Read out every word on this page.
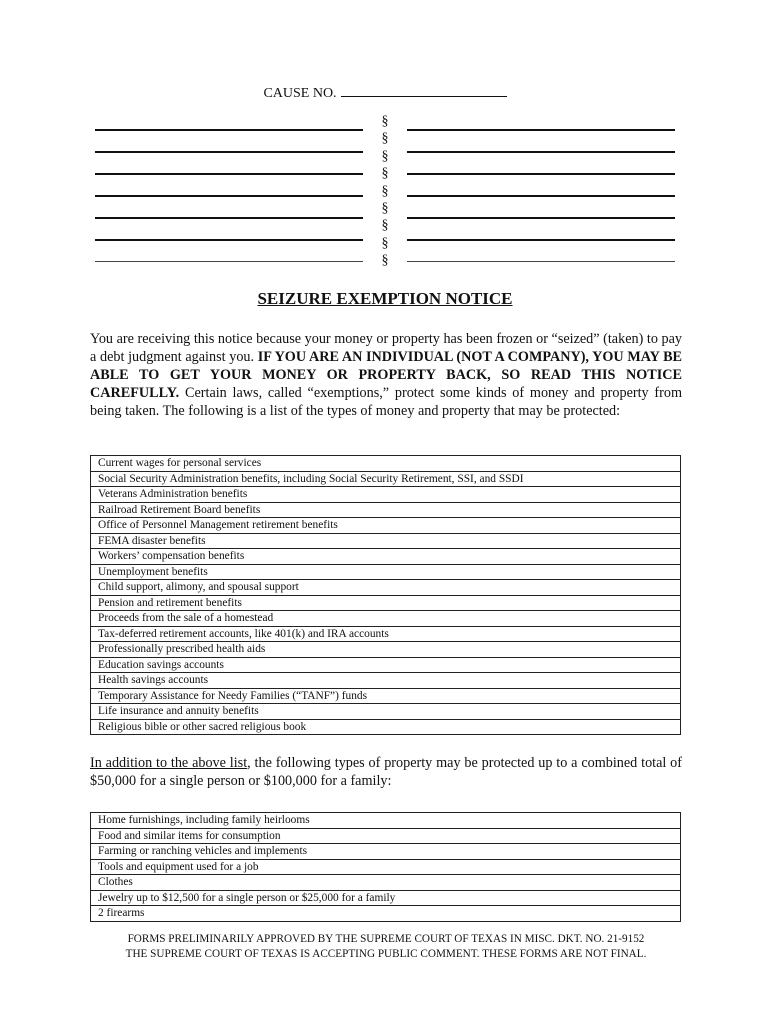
CAUSE NO.
§
§
§
§
§
§
§
§
§
SEIZURE EXEMPTION NOTICE
You are receiving this notice because your money or property has been frozen or “seized” (taken) to pay a debt judgment against you. IF YOU ARE AN INDIVIDUAL (NOT A COMPANY), YOU MAY BE ABLE TO GET YOUR MONEY OR PROPERTY BACK, SO READ THIS NOTICE CAREFULLY. Certain laws, called “exemptions,” protect some kinds of money and property from being taken. The following is a list of the types of money and property that may be protected:
Current wages for personal services
Social Security Administration benefits, including Social Security Retirement, SSI, and SSDI
Veterans Administration benefits
Railroad Retirement Board benefits
Office of Personnel Management retirement benefits
FEMA disaster benefits
Workers’ compensation benefits
Unemployment benefits
Child support, alimony, and spousal support
Pension and retirement benefits
Proceeds from the sale of a homestead
Tax-deferred retirement accounts, like 401(k) and IRA accounts
Professionally prescribed health aids
Education savings accounts
Health savings accounts
Temporary Assistance for Needy Families (“TANF”) funds
Life insurance and annuity benefits
Religious bible or other sacred religious book
In addition to the above list, the following types of property may be protected up to a combined total of $50,000 for a single person or $100,000 for a family:
Home furnishings, including family heirlooms
Food and similar items for consumption
Farming or ranching vehicles and implements
Tools and equipment used for a job
Clothes
Jewelry up to $12,500 for a single person or $25,000 for a family
2 firearms
FORMS PRELIMINARILY APPROVED BY THE SUPREME COURT OF TEXAS IN MISC. DKT. NO. 21-9152
THE SUPREME COURT OF TEXAS IS ACCEPTING PUBLIC COMMENT. THESE FORMS ARE NOT FINAL.
